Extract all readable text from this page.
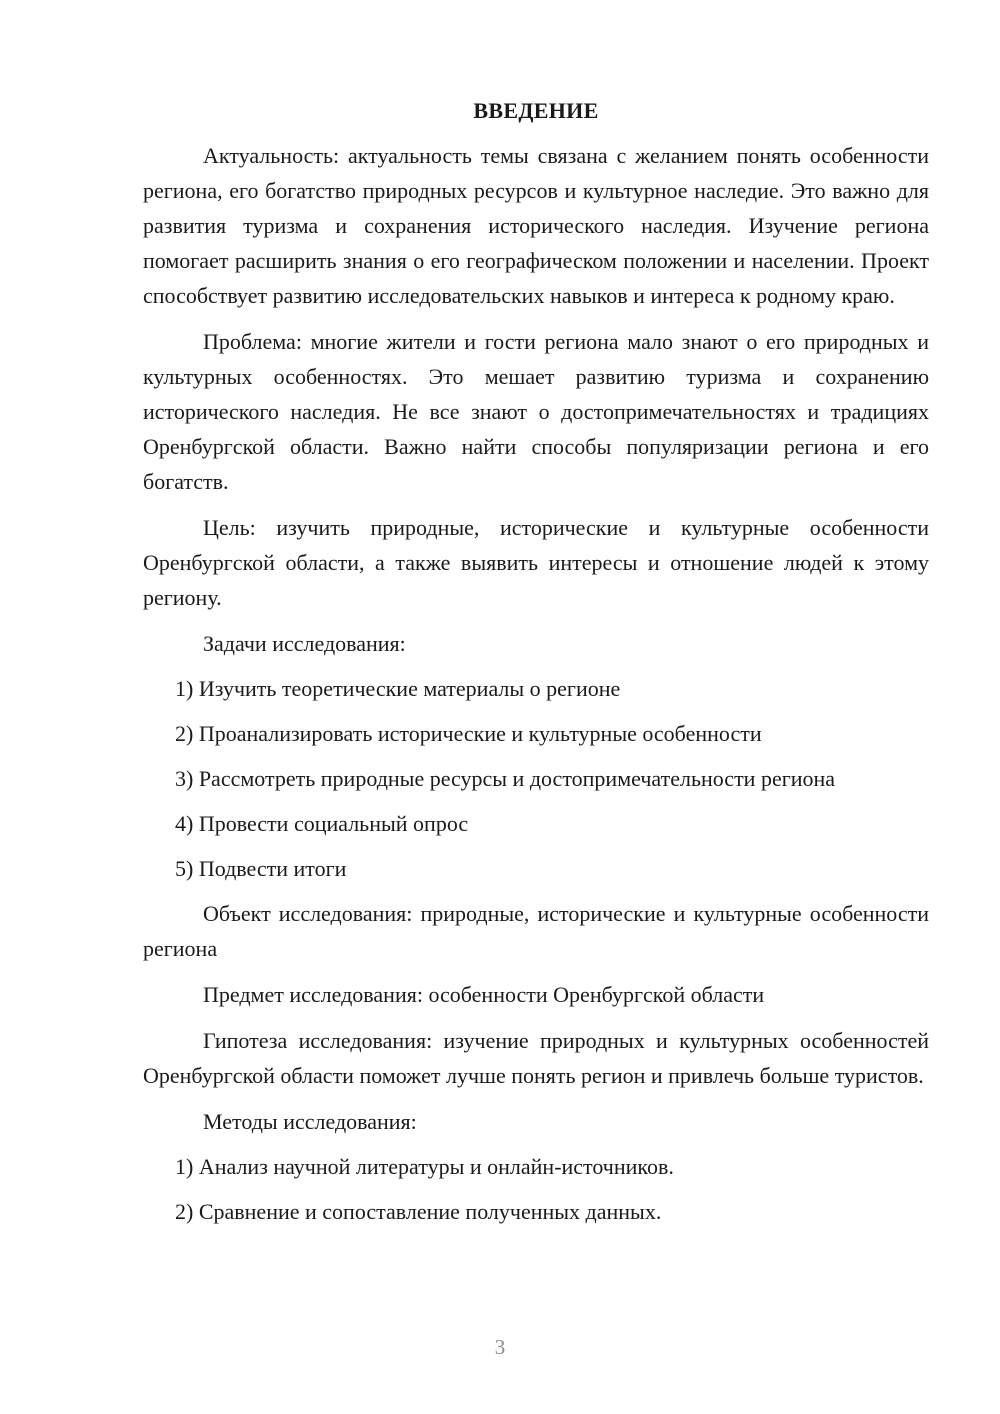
ВВЕДЕНИЕ

Актуальность: актуальность темы связана с желанием понять особенности региона, его богатство природных ресурсов и культурное наследие. Это важно для развития туризма и сохранения исторического наследия. Изучение региона помогает расширить знания о его географическом положении и населении. Проект способствует развитию исследовательских навыков и интереса к родному краю.

Проблема: многие жители и гости региона мало знают о его природных и культурных особенностях. Это мешает развитию туризма и сохранению исторического наследия. Не все знают о достопримечательностях и традициях Оренбургской области. Важно найти способы популяризации региона и его богатств.

Цель: изучить природные, исторические и культурные особенности Оренбургской области, а также выявить интересы и отношение людей к этому региону.

Задачи исследования:

1) Изучить теоретические материалы о регионе
2) Проанализировать исторические и культурные особенности
3) Рассмотреть природные ресурсы и достопримечательности региона
4) Провести социальный опрос
5) Подвести итоги

Объект исследования: природные, исторические и культурные особенности региона

Предмет исследования: особенности Оренбургской области

Гипотеза исследования: изучение природных и культурных особенностей Оренбургской области поможет лучше понять регион и привлечь больше туристов.

Методы исследования:

1) Анализ научной литературы и онлайн-источников.
2) Сравнение и сопоставление полученных данных.
3
